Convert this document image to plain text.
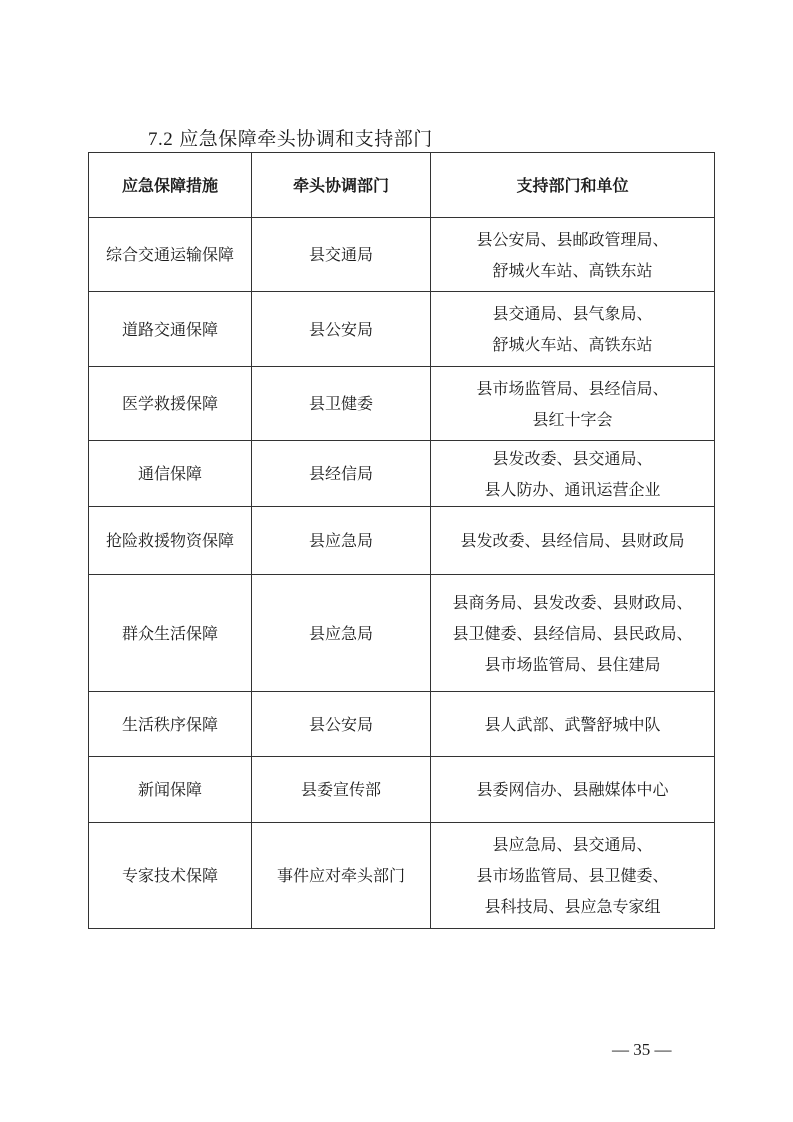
7.2 应急保障牵头协调和支持部门
应急保障措施	牵头协调部门	支持部门和单位
综合交通运输保障	县交通局	县公安局、县邮政管理局、
舒城火车站、高铁东站

道路交通保障	县公安局	县交通局、县气象局、
舒城火车站、高铁东站

医学救援保障	县卫健委	县市场监管局、县经信局、
县红十字会

通信保障	县经信局	县发改委、县交通局、
县人防办、通讯运营企业

抢险救援物资保障	县应急局	县发改委、县经信局、县财政局

群众生活保障	县应急局	县商务局、县发改委、县财政局、
县卫健委、县经信局、县民政局、
县市场监管局、县住建局

生活秩序保障	县公安局	县人武部、武警舒城中队

新闻保障	县委宣传部	县委网信办、县融媒体中心

专家技术保障	事件应对牵头部门	县应急局、县交通局、
县市场监管局、县卫健委、
县科技局、县应急专家组
— 35 —
